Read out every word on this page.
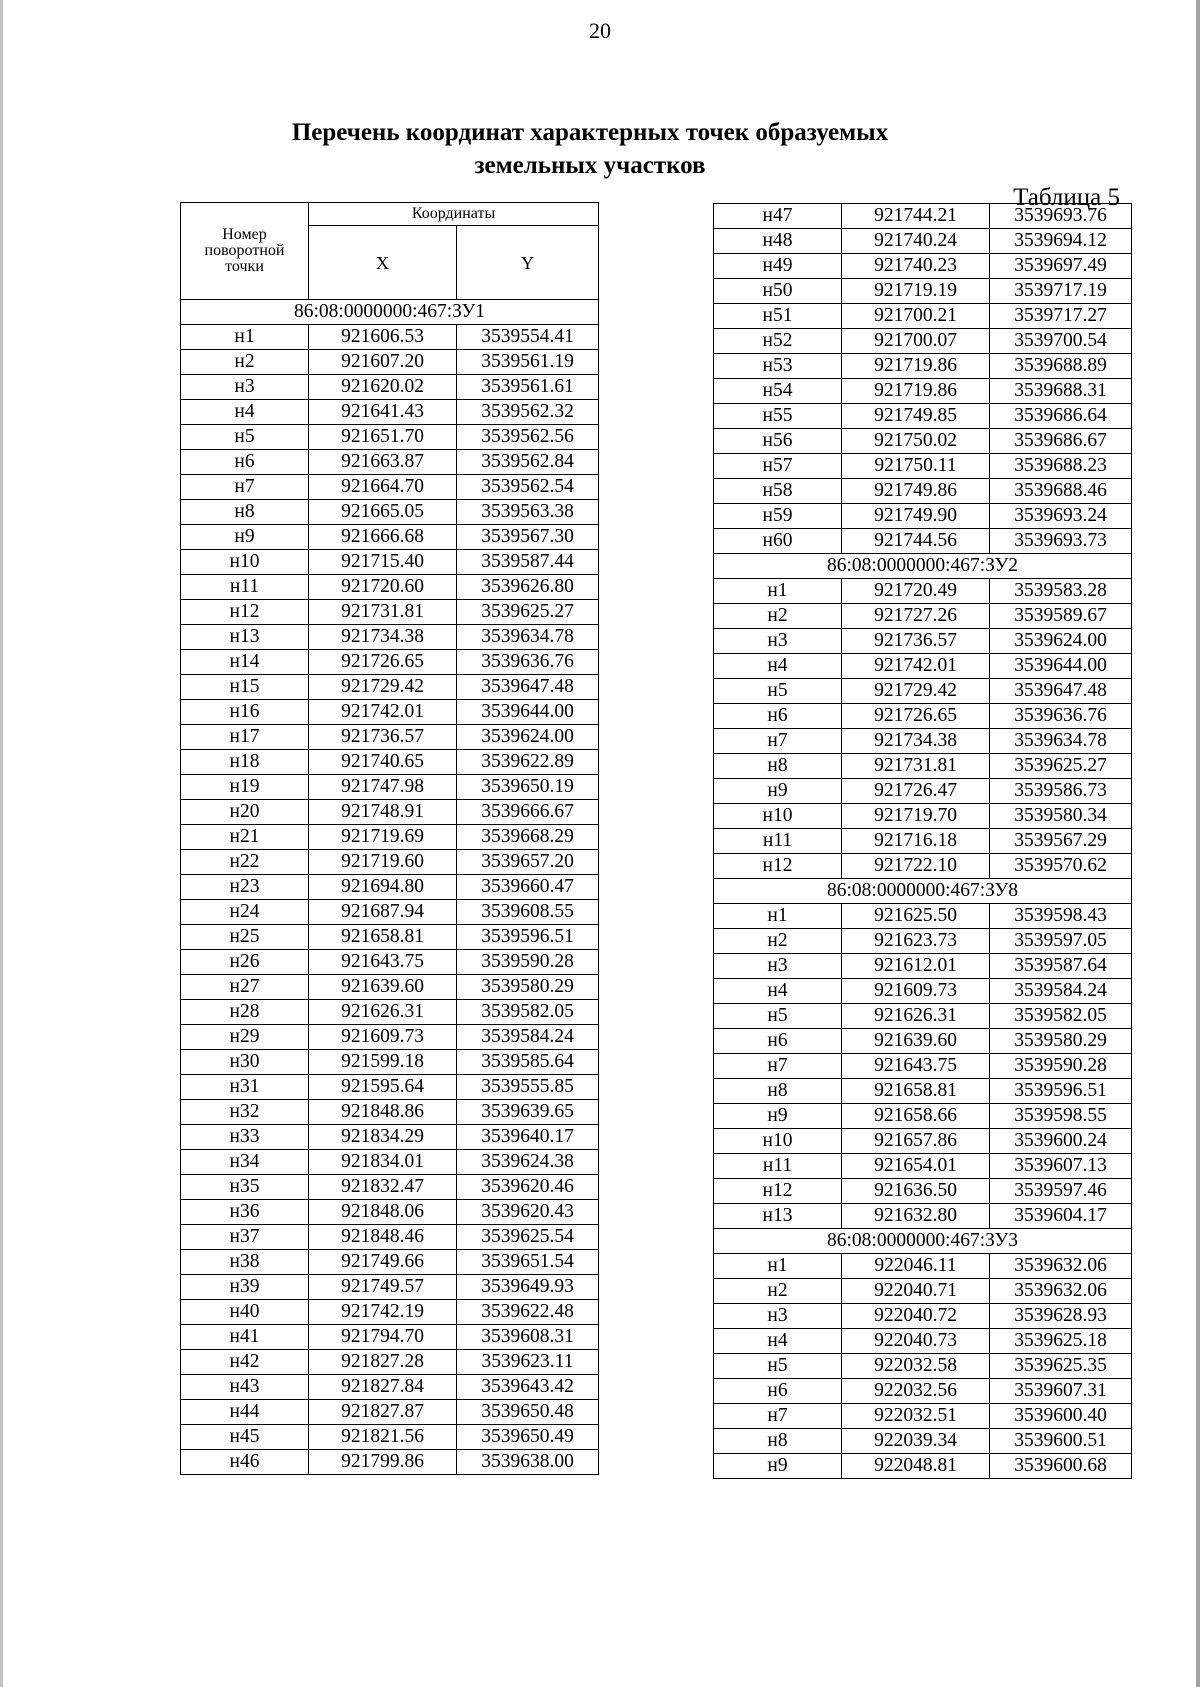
20
Перечень координат характерных точек образуемых
земельных участков
Таблица 5
Номер
поворотной
точки	Координаты	
	X	Y
86:08:0000000:467:ЗУ1		
н1	921606.53	3539554.41
н2	921607.20	3539561.19
н3	921620.02	3539561.61
н4	921641.43	3539562.32
н5	921651.70	3539562.56
н6	921663.87	3539562.84
н7	921664.70	3539562.54
н8	921665.05	3539563.38
н9	921666.68	3539567.30
н10	921715.40	3539587.44
н11	921720.60	3539626.80
н12	921731.81	3539625.27
н13	921734.38	3539634.78
н14	921726.65	3539636.76
н15	921729.42	3539647.48
н16	921742.01	3539644.00
н17	921736.57	3539624.00
н18	921740.65	3539622.89
н19	921747.98	3539650.19
н20	921748.91	3539666.67
н21	921719.69	3539668.29
н22	921719.60	3539657.20
н23	921694.80	3539660.47
н24	921687.94	3539608.55
н25	921658.81	3539596.51
н26	921643.75	3539590.28
н27	921639.60	3539580.29
н28	921626.31	3539582.05
н29	921609.73	3539584.24
н30	921599.18	3539585.64
н31	921595.64	3539555.85
н32	921848.86	3539639.65
н33	921834.29	3539640.17
н34	921834.01	3539624.38
н35	921832.47	3539620.46
н36	921848.06	3539620.43
н37	921848.46	3539625.54
н38	921749.66	3539651.54
н39	921749.57	3539649.93
н40	921742.19	3539622.48
н41	921794.70	3539608.31
н42	921827.28	3539623.11
н43	921827.84	3539643.42
н44	921827.87	3539650.48
н45	921821.56	3539650.49
н46	921799.86	3539638.00
н47	921744.21	3539693.76
н48	921740.24	3539694.12
н49	921740.23	3539697.49
н50	921719.19	3539717.19
н51	921700.21	3539717.27
н52	921700.07	3539700.54
н53	921719.86	3539688.89
н54	921719.86	3539688.31
н55	921749.85	3539686.64
н56	921750.02	3539686.67
н57	921750.11	3539688.23
н58	921749.86	3539688.46
н59	921749.90	3539693.24
н60	921744.56	3539693.73
86:08:0000000:467:ЗУ2		
н1	921720.49	3539583.28
н2	921727.26	3539589.67
н3	921736.57	3539624.00
н4	921742.01	3539644.00
н5	921729.42	3539647.48
н6	921726.65	3539636.76
н7	921734.38	3539634.78
н8	921731.81	3539625.27
н9	921726.47	3539586.73
н10	921719.70	3539580.34
н11	921716.18	3539567.29
н12	921722.10	3539570.62
86:08:0000000:467:ЗУ8		
н1	921625.50	3539598.43
н2	921623.73	3539597.05
н3	921612.01	3539587.64
н4	921609.73	3539584.24
н5	921626.31	3539582.05
н6	921639.60	3539580.29
н7	921643.75	3539590.28
н8	921658.81	3539596.51
н9	921658.66	3539598.55
н10	921657.86	3539600.24
н11	921654.01	3539607.13
н12	921636.50	3539597.46
н13	921632.80	3539604.17
86:08:0000000:467:ЗУ3		
н1	922046.11	3539632.06
н2	922040.71	3539632.06
н3	922040.72	3539628.93
н4	922040.73	3539625.18
н5	922032.58	3539625.35
н6	922032.56	3539607.31
н7	922032.51	3539600.40
н8	922039.34	3539600.51
н9	922048.81	3539600.68
